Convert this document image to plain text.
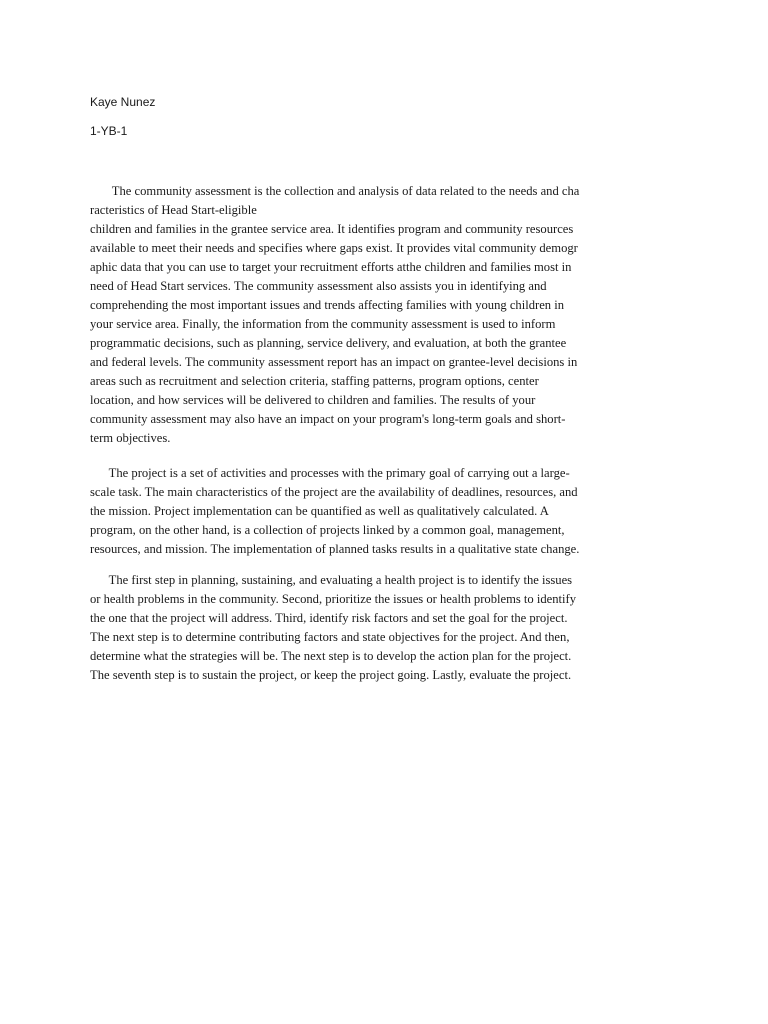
Kaye Nunez
1-YB-1
The community assessment is the collection and analysis of data related to the needs and cha
racteristics of Head Start-eligible
children and families in the grantee service area. It identifies program and community resources
available to meet their needs and specifies where gaps exist. It provides vital community demogr
aphic data that you can use to target your recruitment efforts atthe children and families most in
need of Head Start services. The community assessment also assists you in identifying and
comprehending the most important issues and trends affecting families with young children in
your service area. Finally, the information from the community assessment is used to inform
programmatic decisions, such as planning, service delivery, and evaluation, at both the grantee
and federal levels. The community assessment report has an impact on grantee-level decisions in
areas such as recruitment and selection criteria, staffing patterns, program options, center
location, and how services will be delivered to children and families. The results of your
community assessment may also have an impact on your program's long-term goals and short-
term objectives.
The project is a set of activities and processes with the primary goal of carrying out a large-
scale task. The main characteristics of the project are the availability of deadlines, resources, and
the mission. Project implementation can be quantified as well as qualitatively calculated. A
program, on the other hand, is a collection of projects linked by a common goal, management,
resources, and mission. The implementation of planned tasks results in a qualitative state change.
The first step in planning, sustaining, and evaluating a health project is to identify the issues
or health problems in the community. Second, prioritize the issues or health problems to identify
the one that the project will address. Third, identify risk factors and set the goal for the project.
The next step is to determine contributing factors and state objectives for the project. And then,
determine what the strategies will be. The next step is to develop the action plan for the project.
The seventh step is to sustain the project, or keep the project going. Lastly, evaluate the project.
